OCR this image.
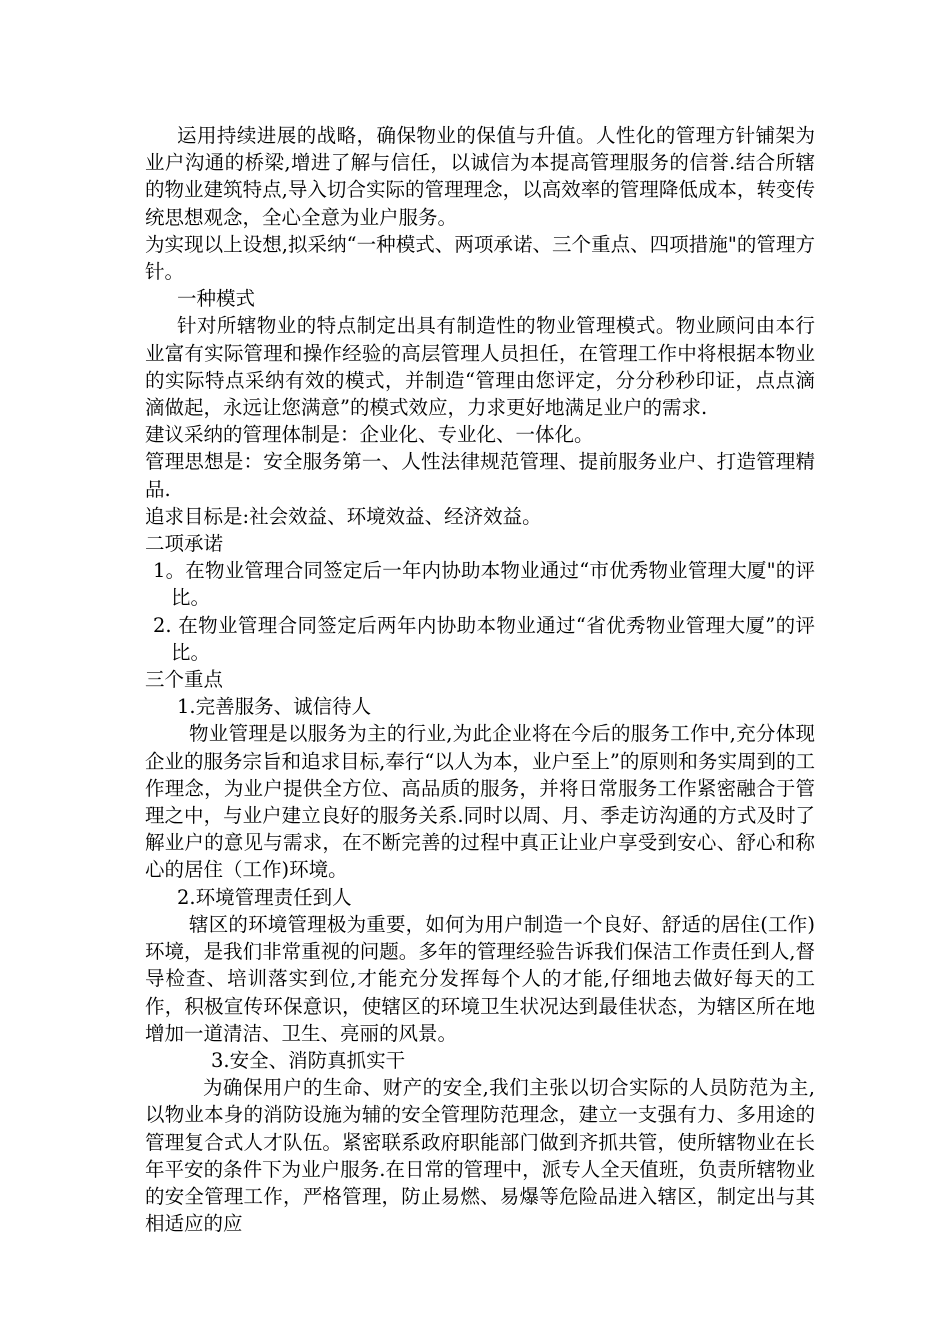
运用持续进展的战略，确保物业的保值与升值。人性化的管理方针铺架为业户沟通的桥梁,增进了解与信任，以诚信为本提高管理服务的信誉.结合所辖的物业建筑特点,导入切合实际的管理理念，以高效率的管理降低成本，转变传统思想观念，全心全意为业户服务。

为实现以上设想,拟采纳“一种模式、两项承诺、三个重点、四项措施"的管理方针。

一种模式

针对所辖物业的特点制定出具有制造性的物业管理模式。物业顾问由本行业富有实际管理和操作经验的高层管理人员担任，在管理工作中将根据本物业的实际特点采纳有效的模式，并制造“管理由您评定，分分秒秒印证，点点滴滴做起，永远让您满意”的模式效应，力求更好地满足业户的需求.

建议采纳的管理体制是：企业化、专业化、一体化。

管理思想是：安全服务第一、人性法律规范管理、提前服务业户、打造管理精品.

追求目标是:社会效益、环境效益、经济效益。

二项承诺

1。在物业管理合同签定后一年内协助本物业通过“市优秀物业管理大厦"的评比。

2. 在物业管理合同签定后两年内协助本物业通过“省优秀物业管理大厦”的评比。

三个重点

1.完善服务、诚信待人

物业管理是以服务为主的行业,为此企业将在今后的服务工作中,充分体现企业的服务宗旨和追求目标,奉行“以人为本，业户至上”的原则和务实周到的工作理念，为业户提供全方位、高品质的服务，并将日常服务工作紧密融合于管理之中，与业户建立良好的服务关系.同时以周、月、季走访沟通的方式及时了解业户的意见与需求，在不断完善的过程中真正让业户享受到安心、舒心和称心的居住（工作)环境。

2.环境管理责任到人

辖区的环境管理极为重要，如何为用户制造一个良好、舒适的居住(工作)环境，是我们非常重视的问题。多年的管理经验告诉我们保洁工作责任到人,督导检查、培训落实到位,才能充分发挥每个人的才能,仔细地去做好每天的工作，积极宣传环保意识，使辖区的环境卫生状况达到最佳状态，为辖区所在地增加一道清洁、卫生、亮丽的风景。

3.安全、消防真抓实干

为确保用户的生命、财产的安全,我们主张以切合实际的人员防范为主,以物业本身的消防设施为辅的安全管理防范理念，建立一支强有力、多用途的管理复合式人才队伍。紧密联系政府职能部门做到齐抓共管，使所辖物业在长年平安的条件下为业户服务.在日常的管理中，派专人全天值班，负责所辖物业的安全管理工作，严格管理，防止易燃、易爆等危险品进入辖区，制定出与其相适应的应
